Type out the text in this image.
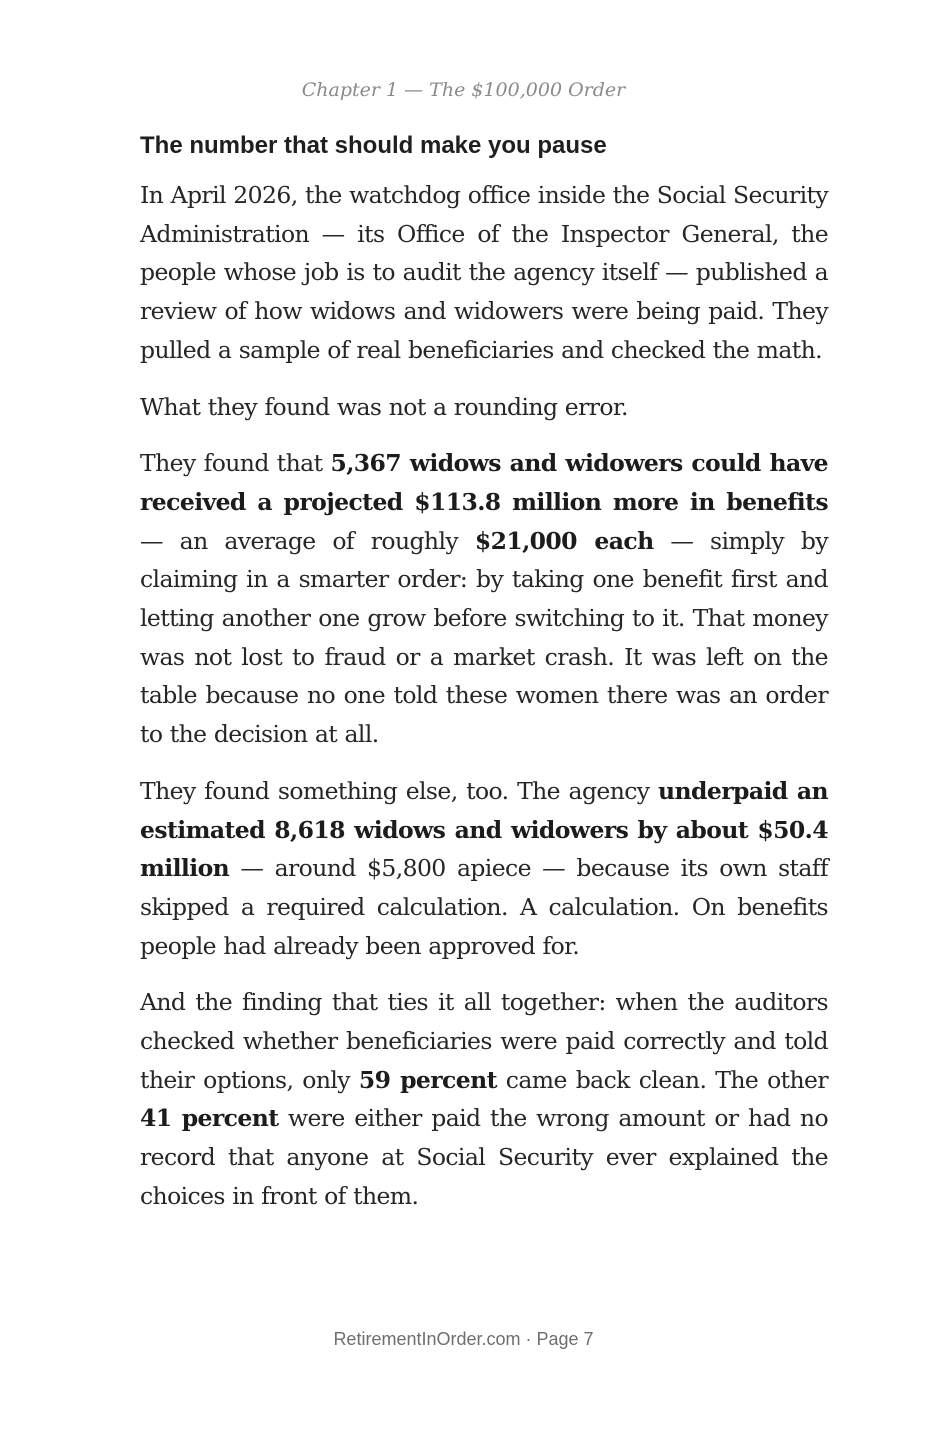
Chapter 1 — The $100,000 Order
The number that should make you pause

In April 2026, the watchdog office inside the Social Security Administration — its Office of the Inspector General, the people whose job is to audit the agency itself — published a review of how widows and widowers were being paid. They pulled a sample of real beneficiaries and checked the math.

What they found was not a rounding error.

They found that 5,367 widows and widowers could have received a projected $113.8 million more in benefits — an average of roughly $21,000 each — simply by claiming in a smarter order: by taking one benefit first and letting another one grow before switching to it. That money was not lost to fraud or a market crash. It was left on the table because no one told these women there was an order to the decision at all.

They found something else, too. The agency underpaid an estimated 8,618 widows and widowers by about $50.4 million — around $5,800 apiece — because its own staff skipped a required calculation. A calculation. On benefits people had already been approved for.

And the finding that ties it all together: when the auditors checked whether beneficiaries were paid correctly and told their options, only 59 percent came back clean. The other 41 percent were either paid the wrong amount or had no record that anyone at Social Security ever explained the choices in front of them.

RetirementInOrder.com · Page 7
